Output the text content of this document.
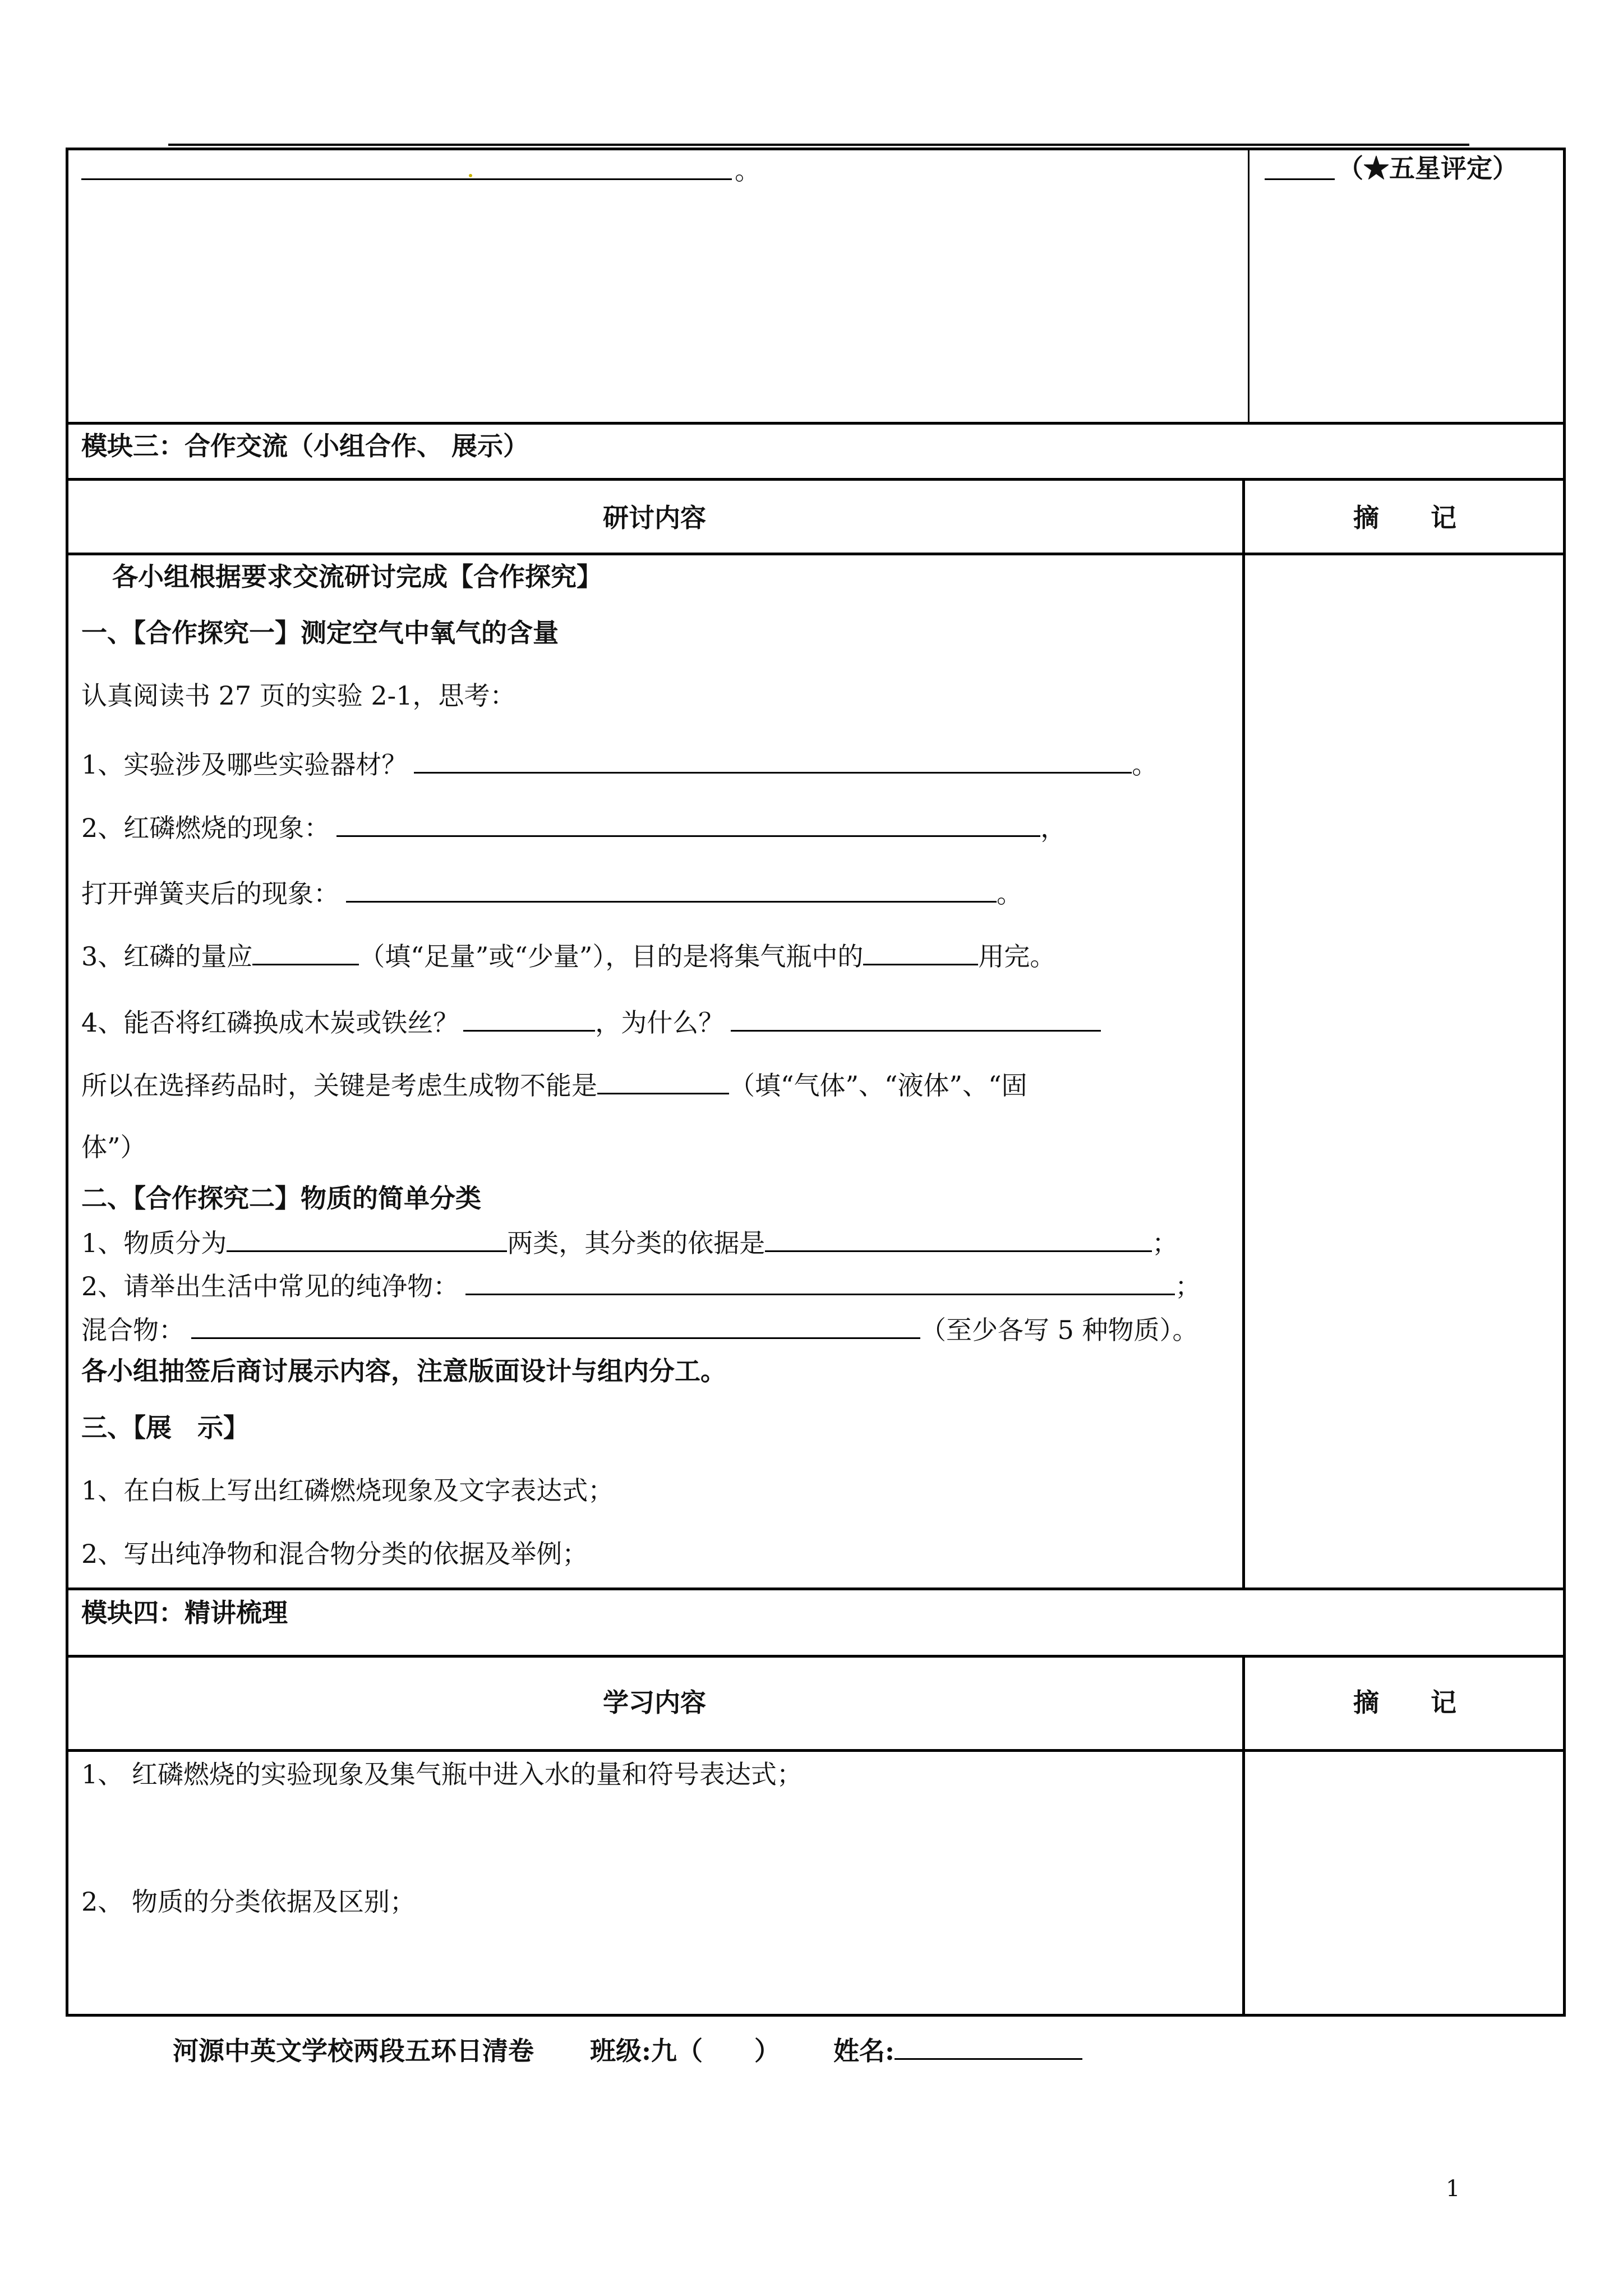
。	（★五星评定）
模块三：合作交流（小组合作、 展示）
研讨内容	摘　　记
各小组根据要求交流研讨完成【合作探究】
一、【合作探究一】测定空气中氧气的含量
认真阅读书 27 页的实验 2-1，思考：
1、实验涉及哪些实验器材？	。
2、红磷燃烧的现象：	，
打开弹簧夹后的现象：	。
3、红磷的量应	（填“足量”或“少量”），目的是将集气瓶中的	用完。
4、能否将红磷换成木炭或铁丝？	，为什么？
所以在选择药品时，关键是考虑生成物不能是	（填“气体”、“液体”、“固
体”）
二、【合作探究二】物质的简单分类
1、物质分为	两类，其分类的依据是	；
2、请举出生活中常见的纯净物：	；
混合物：	（至少各写 5 种物质）。
各小组抽签后商讨展示内容，注意版面设计与组内分工。
三、【展　示】
1、在白板上写出红磷燃烧现象及文字表达式；
2、写出纯净物和混合物分类的依据及举例；
模块四：精讲梳理
学习内容	摘　　记
1、 红磷燃烧的实验现象及集气瓶中进入水的量和符号表达式；
2、 物质的分类依据及区别；
河源中英文学校两段五环日清卷 班级:九（　　） 姓名:
1
